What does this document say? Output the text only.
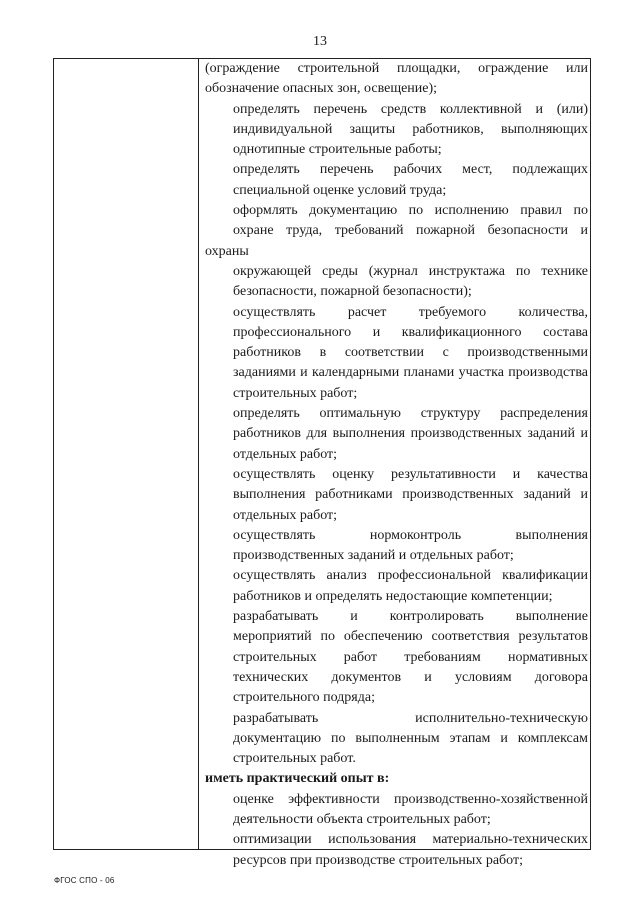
13
(ограждение строительной площадки, ограждение или
обозначение опасных зон, освещение);
определять перечень средств коллективной и (или)
индивидуальной защиты работников, выполняющих
однотипные строительные работы;
определять перечень рабочих мест, подлежащих
специальной оценке условий труда;
оформлять документацию по исполнению правил по
охране труда, требований пожарной безопасности и охраны
окружающей среды (журнал инструктажа по технике
безопасности, пожарной безопасности);
осуществлять расчет требуемого количества,
профессионального и квалификационного состава
работников в соответствии с производственными
заданиями и календарными планами участка производства
строительных работ;
определять оптимальную структуру распределения
работников для выполнения производственных заданий и
отдельных работ;
осуществлять оценку результативности и качества
выполнения работниками производственных заданий и
отдельных работ;
осуществлять нормоконтроль выполнения
производственных заданий и отдельных работ;
осуществлять анализ профессиональной квалификации
работников и определять недостающие компетенции;
разрабатывать и контролировать выполнение
мероприятий по обеспечению соответствия результатов
строительных работ требованиям нормативных
технических документов и условиям договора
строительного подряда;
разрабатывать исполнительно-техническую
документацию по выполненным этапам и комплексам
строительных работ.
иметь практический опыт в:
оценке эффективности производственно-хозяйственной
деятельности объекта строительных работ;
оптимизации использования материально-технических
ресурсов при производстве строительных работ;
ФГОС СПО - 06
